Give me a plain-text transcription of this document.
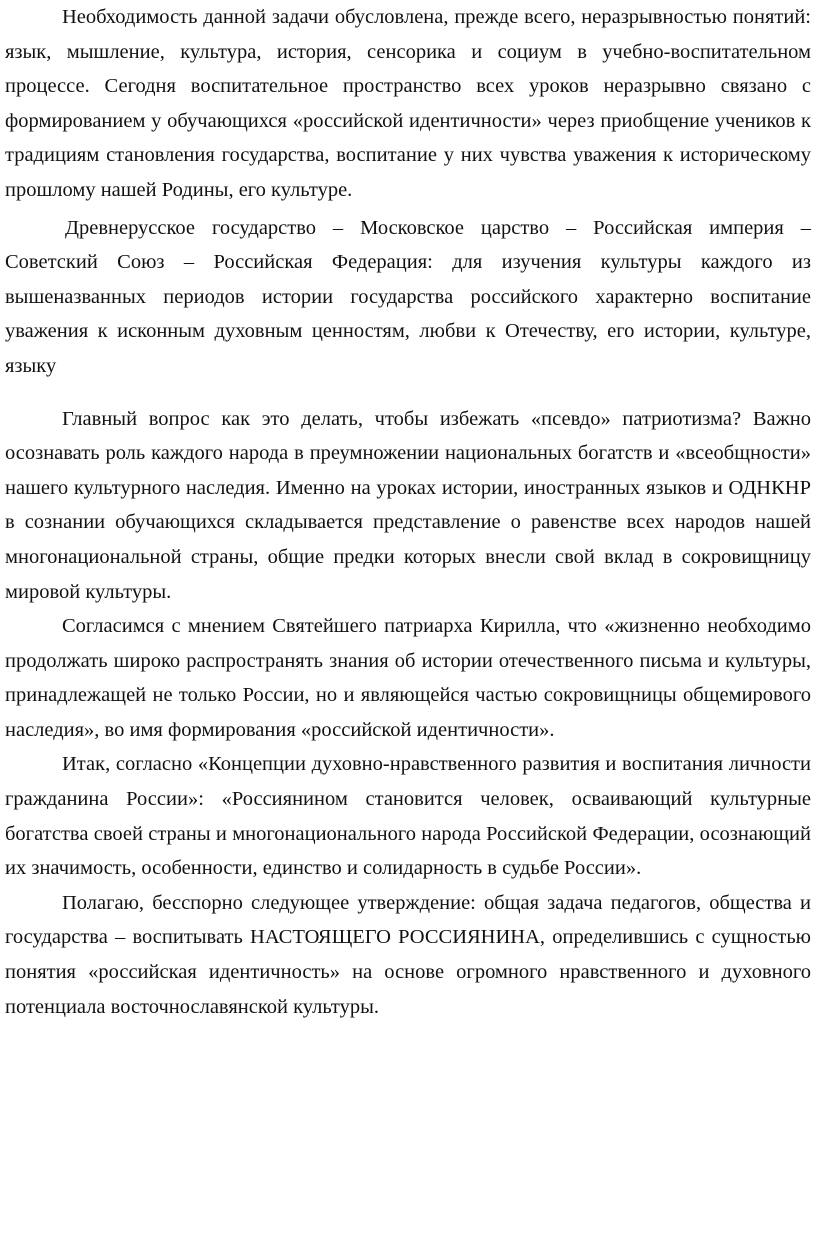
Необходимость данной задачи обусловлена, прежде всего, неразрывностью понятий: язык, мышление, культура, история, сенсорика и социум в учебно-воспитательном процессе. Сегодня воспитательное пространство всех уроков неразрывно связано с формированием у обучающихся «российской идентичности» через приобщение учеников к традициям становления государства, воспитание у них чувства уважения к историческому прошлому нашей Родины, его культуре.

Древнерусское государство – Московское царство – Российская империя – Советский Союз – Российская Федерация: для изучения культуры каждого из вышеназванных периодов истории государства российского характерно воспитание уважения к исконным духовным ценностям, любви к Отечеству, его истории, культуре, языку

Главный вопрос как это делать, чтобы избежать «псевдо» патриотизма? Важно осознавать роль каждого народа в преумножении национальных богатств и «всеобщности» нашего культурного наследия. Именно на уроках истории, иностранных языков и ОДНКНР в сознании обучающихся складывается представление о равенстве всех народов нашей многонациональной страны, общие предки которых внесли свой вклад в сокровищницу мировой культуры.

Согласимся с мнением Святейшего патриарха Кирилла, что «жизненно необходимо продолжать широко распространять знания об истории отечественного письма и культуры, принадлежащей не только России, но и являющейся частью сокровищницы общемирового наследия», во имя формирования «российской идентичности».

Итак, согласно «Концепции духовно-нравственного развития и воспитания личности гражданина России»: «Россиянином становится человек, осваивающий культурные богатства своей страны и многонационального народа Российской Федерации, осознающий их значимость, особенности, единство и солидарность в судьбе России».

Полагаю, бесспорно следующее утверждение: общая задача педагогов, общества и государства – воспитывать НАСТОЯЩЕГО РОССИЯНИНА, определившись с сущностью понятия «российская идентичность» на основе огромного нравственного и духовного потенциала восточнославянской культуры.
